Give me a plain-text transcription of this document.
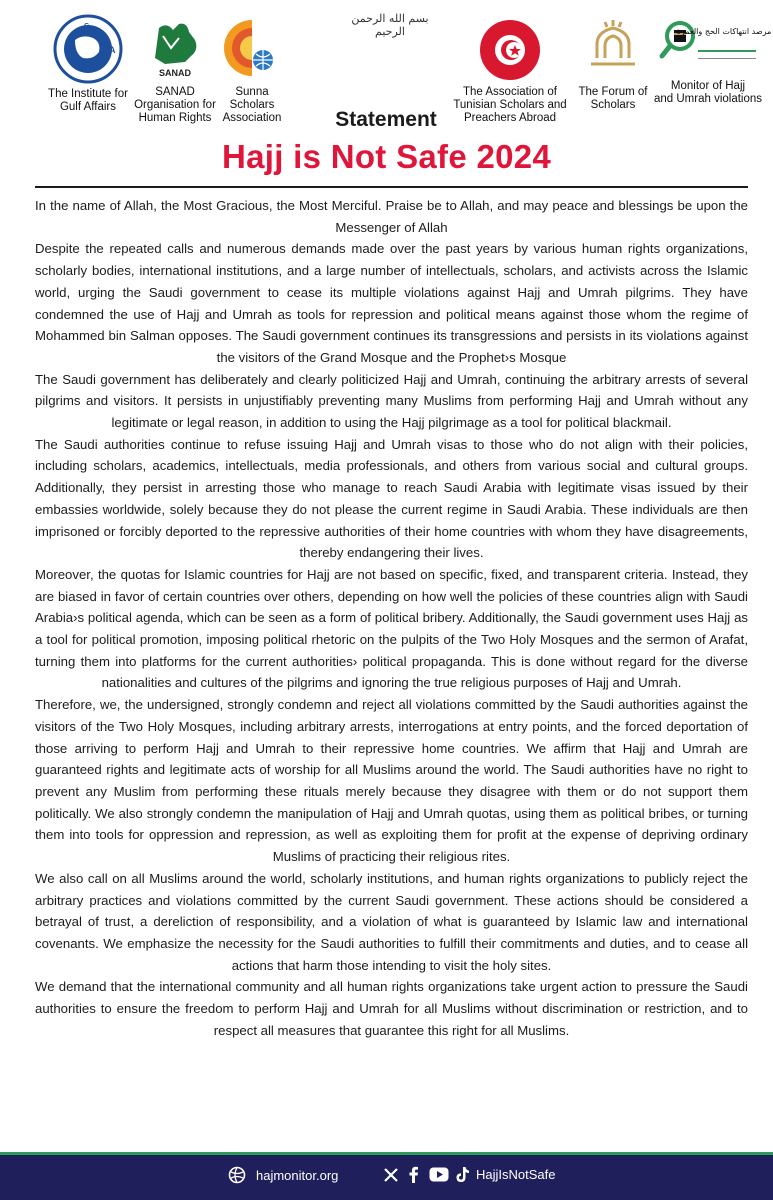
بسم الله الرحمن الرحيم
I
G
A
The Institute for
Gulf Affairs
SANAD
SANAD
Organisation for
Human Rights
Sunna
Scholars
Association
The Association of
Tunisian Scholars and
Preachers Abroad
The Forum of
Scholars
مرصد انتهاكات الحج والعمرة
Monitor of Hajj
and Umrah violations
Statement
Hajj is Not Safe 2024

In the name of Allah, the Most Gracious, the Most Merciful. Praise be to Allah, and may peace and blessings be upon the Messenger of Allah

Despite the repeated calls and numerous demands made over the past years by various human rights organizations, scholarly bodies, international institutions, and a large number of intellectuals, scholars, and activists across the Islamic world, urging the Saudi government to cease its multiple violations against Hajj and Umrah pilgrims. They have condemned the use of Hajj and Umrah as tools for repression and political means against those whom the regime of Mohammed bin Salman opposes. The Saudi government continues its transgressions and persists in its violations against the visitors of the Grand Mosque and the Prophet›s Mosque

The Saudi government has deliberately and clearly politicized Hajj and Umrah, continuing the arbitrary arrests of several pilgrims and visitors. It persists in unjustifiably preventing many Muslims from performing Hajj and Umrah without any legitimate or legal reason, in addition to using the Hajj pilgrimage as a tool for political blackmail.

The Saudi authorities continue to refuse issuing Hajj and Umrah visas to those who do not align with their policies, including scholars, academics, intellectuals, media professionals, and others from various social and cultural groups. Additionally, they persist in arresting those who manage to reach Saudi Arabia with legitimate visas issued by their embassies worldwide, solely because they do not please the current regime in Saudi Arabia. These individuals are then imprisoned or forcibly deported to the repressive authorities of their home countries with whom they have disagreements, thereby endangering their lives.

Moreover, the quotas for Islamic countries for Hajj are not based on specific, fixed, and transparent criteria. Instead, they are biased in favor of certain countries over others, depending on how well the policies of these countries align with Saudi Arabia›s political agenda, which can be seen as a form of political bribery. Additionally, the Saudi government uses Hajj as a tool for political promotion, imposing political rhetoric on the pulpits of the Two Holy Mosques and the sermon of Arafat, turning them into platforms for the current authorities› political propaganda. This is done without regard for the diverse nationalities and cultures of the pilgrims and ignoring the true religious purposes of Hajj and Umrah.

Therefore, we, the undersigned, strongly condemn and reject all violations committed by the Saudi authorities against the visitors of the Two Holy Mosques, including arbitrary arrests, interrogations at entry points, and the forced deportation of those arriving to perform Hajj and Umrah to their repressive home countries. We affirm that Hajj and Umrah are guaranteed rights and legitimate acts of worship for all Muslims around the world. The Saudi authorities have no right to prevent any Muslim from performing these rituals merely because they disagree with them or do not support them politically. We also strongly condemn the manipulation of Hajj and Umrah quotas, using them as political bribes, or turning them into tools for oppression and repression, as well as exploiting them for profit at the expense of depriving ordinary Muslims of practicing their religious rites.

We also call on all Muslims around the world, scholarly institutions, and human rights organizations to publicly reject the arbitrary practices and violations committed by the current Saudi government. These actions should be considered a betrayal of trust, a dereliction of responsibility, and a violation of what is guaranteed by Islamic law and international covenants. We emphasize the necessity for the Saudi authorities to fulfill their commitments and duties, and to cease all actions that harm those intending to visit the holy sites.

We demand that the international community and all human rights organizations take urgent action to pressure the Saudi authorities to ensure the freedom to perform Hajj and Umrah for all Muslims without discrimination or restriction, and to respect all measures that guarantee this right for all Muslims.

hajmonitor.org	HajjIsNotSafe
